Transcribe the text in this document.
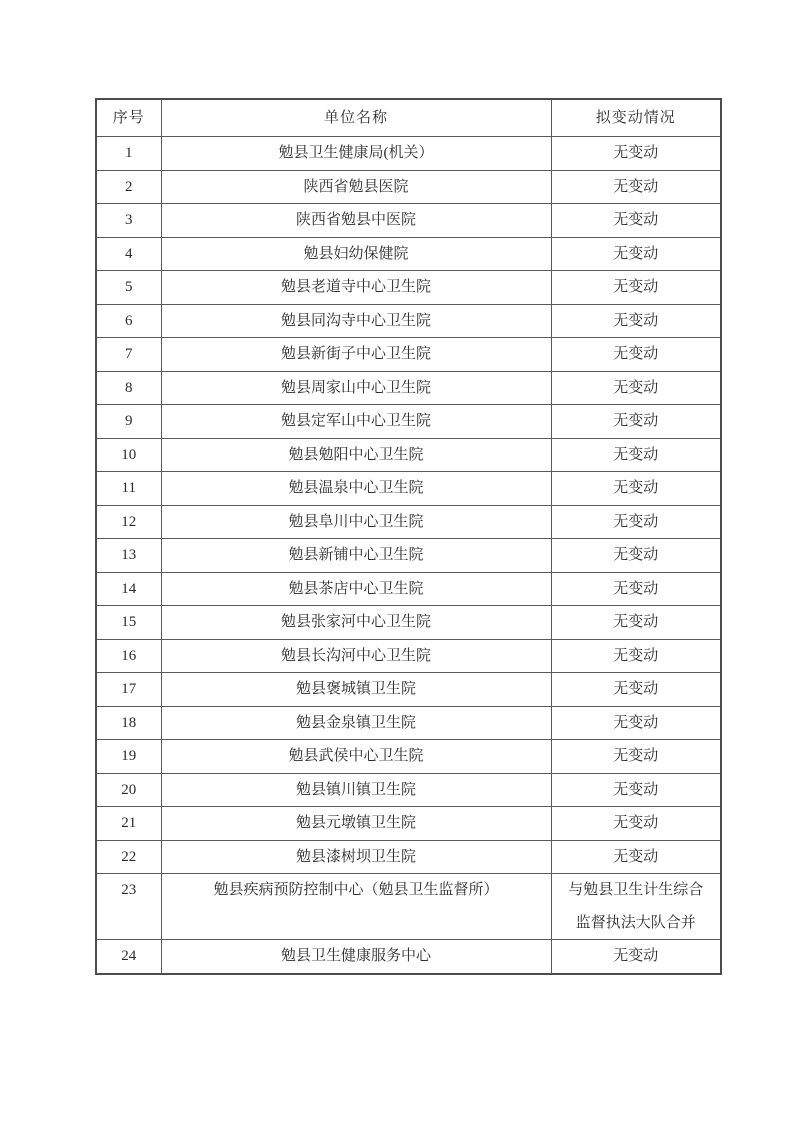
序号	单位名称	拟变动情况
1	勉县卫生健康局(机关）	无变动

2	陕西省勉县医院	无变动

3	陕西省勉县中医院	无变动

4	勉县妇幼保健院	无变动

5	勉县老道寺中心卫生院	无变动

6	勉县同沟寺中心卫生院	无变动

7	勉县新街子中心卫生院	无变动

8	勉县周家山中心卫生院	无变动

9	勉县定军山中心卫生院	无变动

10	勉县勉阳中心卫生院	无变动

11	勉县温泉中心卫生院	无变动

12	勉县阜川中心卫生院	无变动

13	勉县新铺中心卫生院	无变动

14	勉县茶店中心卫生院	无变动

15	勉县张家河中心卫生院	无变动

16	勉县长沟河中心卫生院	无变动

17	勉县褒城镇卫生院	无变动

18	勉县金泉镇卫生院	无变动

19	勉县武侯中心卫生院	无变动

20	勉县镇川镇卫生院	无变动

21	勉县元墩镇卫生院	无变动

22	勉县漆树坝卫生院	无变动

23	勉县疾病预防控制中心（勉县卫生监督所）	与勉县卫生计生综合
监督执法大队合并

24	勉县卫生健康服务中心	无变动
